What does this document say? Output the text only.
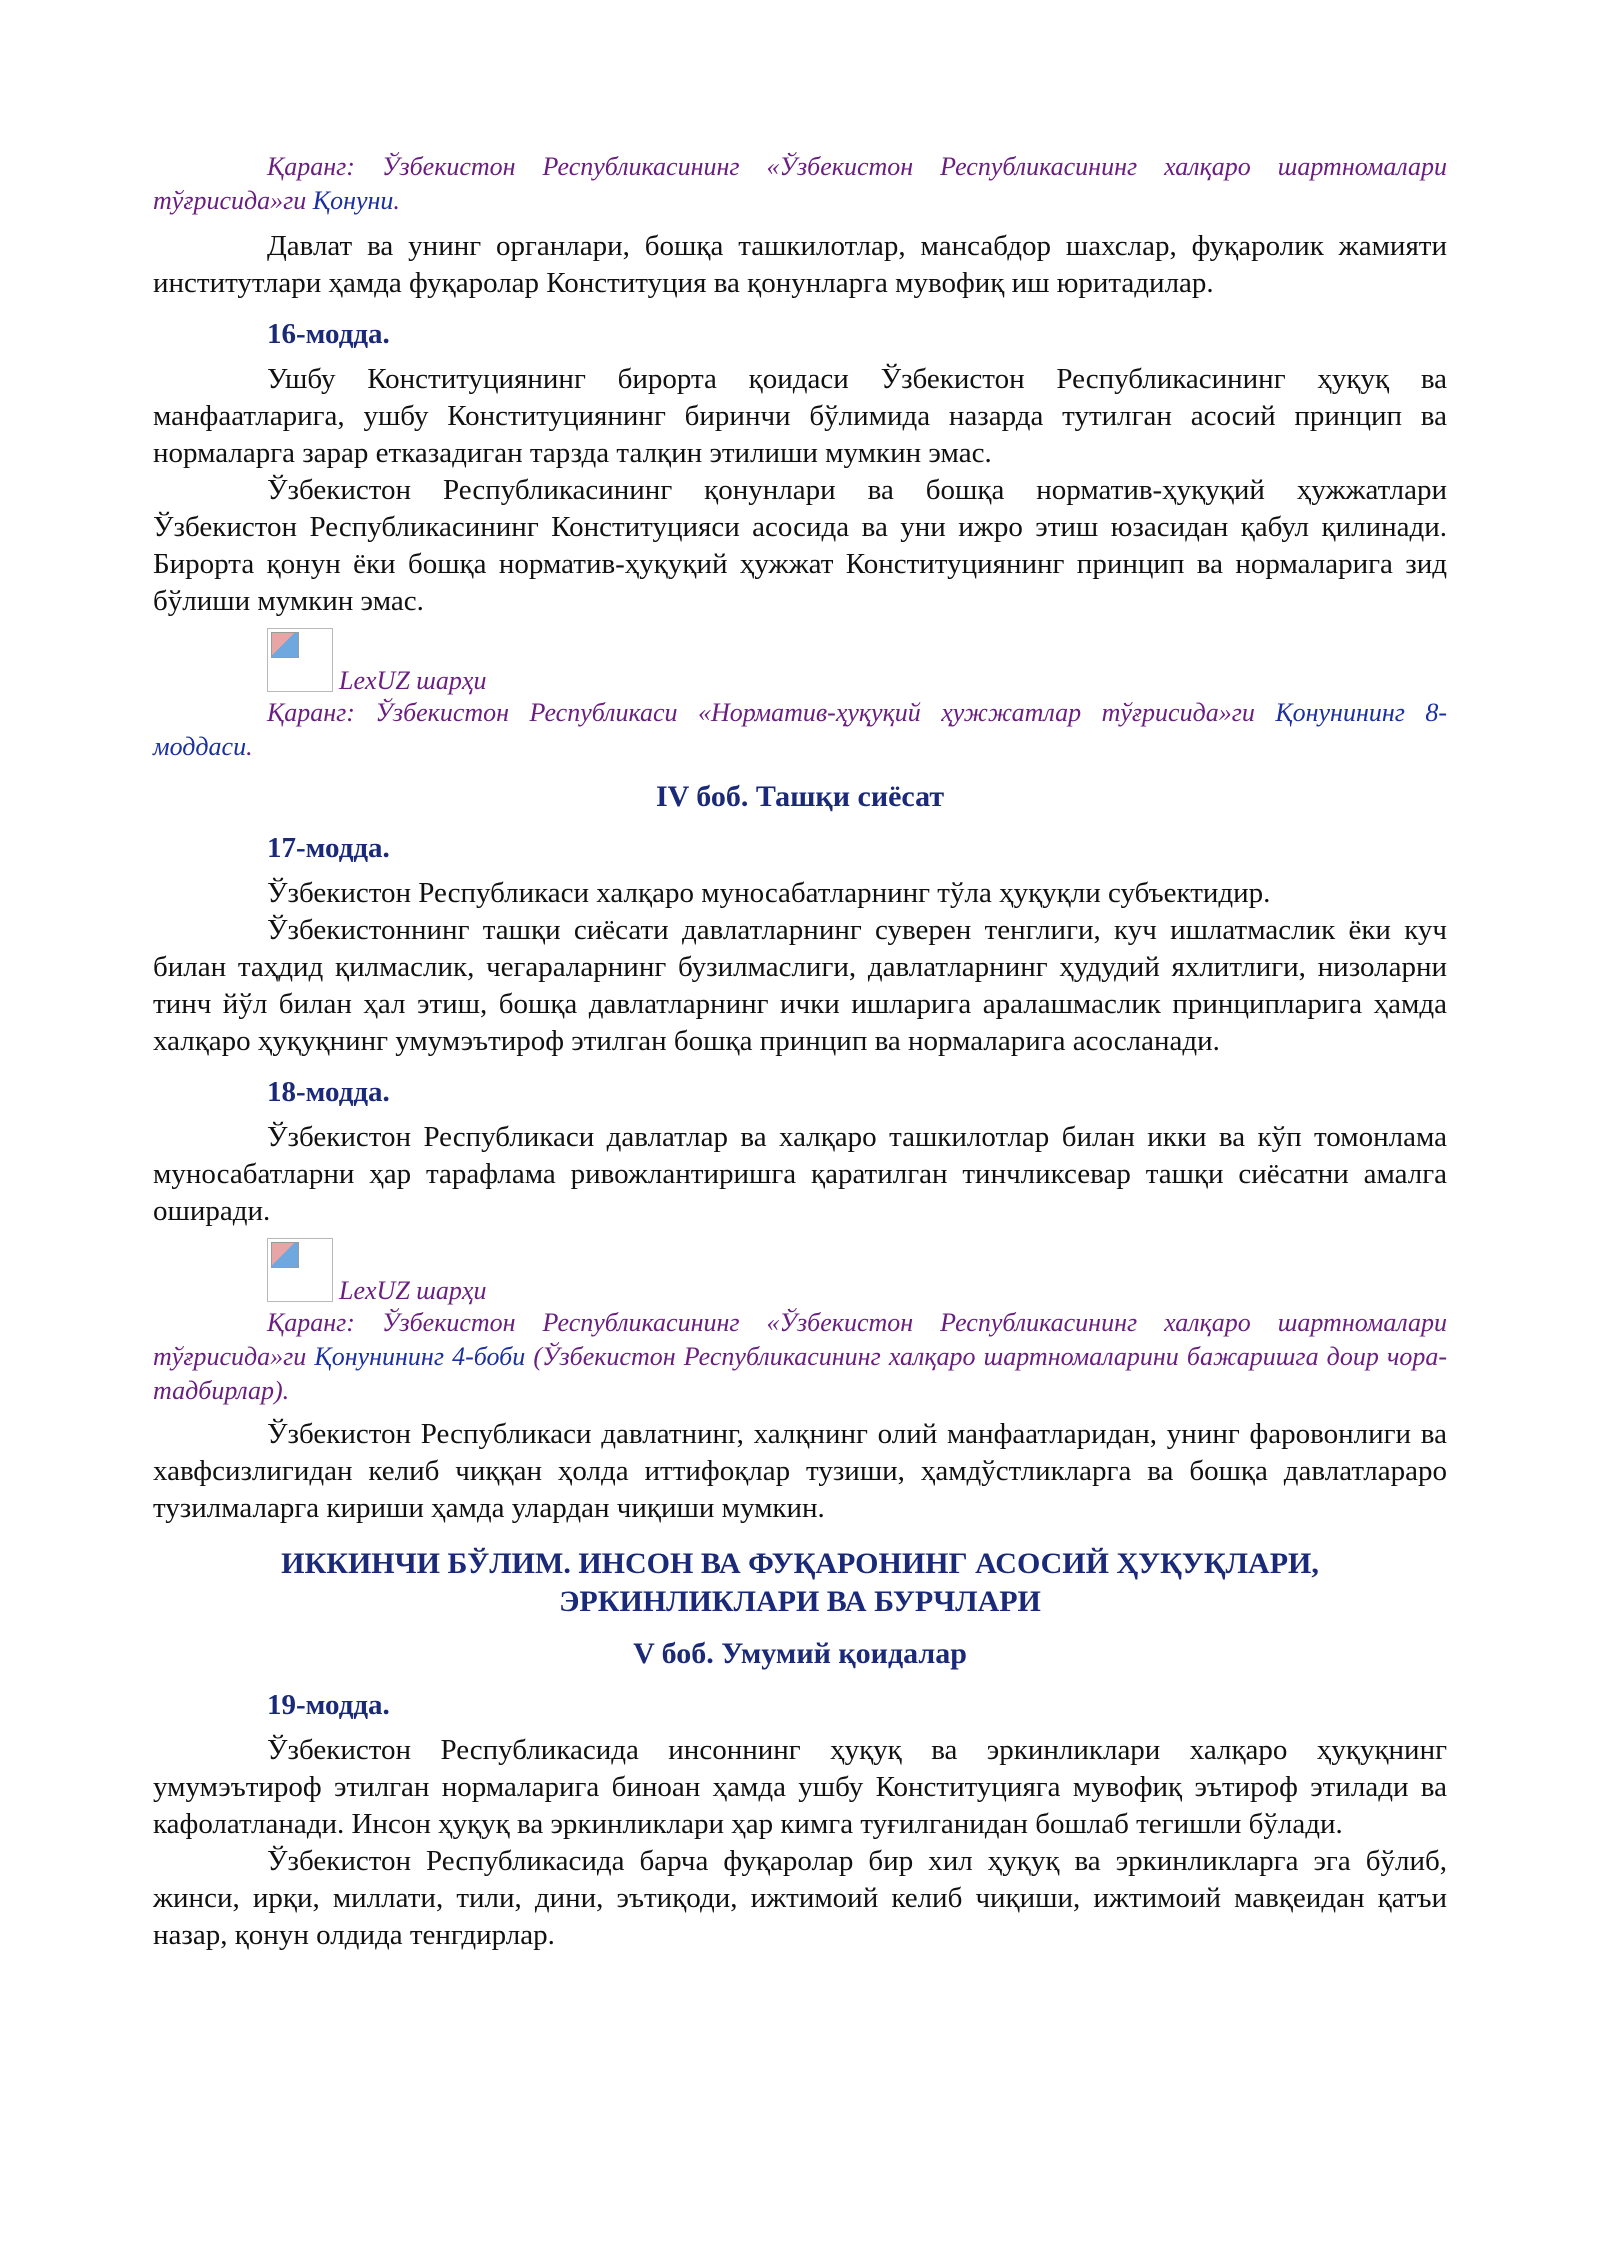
Қаранг: Ўзбекистон Республикасининг «Ўзбекистон Республикасининг халқаро шартномалари тўғрисида»ги Қонуни.

Давлат ва унинг органлари, бошқа ташкилотлар, мансабдор шахслар, фуқаролик жамияти институтлари ҳамда фуқаролар Конституция ва қонунларга мувофиқ иш юритадилар.

16-модда.

Ушбу Конституциянинг бирорта қоидаси Ўзбекистон Республикасининг ҳуқуқ ва манфаатларига, ушбу Конституциянинг биринчи бўлимида назарда тутилган асосий принцип ва нормаларга зарар етказадиган тарзда талқин этилиши мумкин эмас.

Ўзбекистон Республикасининг қонунлари ва бошқа норматив-ҳуқуқий ҳужжатлари Ўзбекистон Республикасининг Конституцияси асосида ва уни ижро этиш юзасидан қабул қилинади. Бирорта қонун ёки бошқа норматив-ҳуқуқий ҳужжат Конституциянинг принцип ва нормаларига зид бўлиши мумкин эмас.

LexUZ шарҳи

Қаранг: Ўзбекистон Республикаси «Норматив-ҳуқуқий ҳужжатлар тўғрисида»ги Қонунининг 8-моддаси.

IV боб. Ташқи сиёсат
17-модда.

Ўзбекистон Республикаси халқаро муносабатларнинг тўла ҳуқуқли субъектидир.

Ўзбекистоннинг ташқи сиёсати давлатларнинг суверен тенглиги, куч ишлатмаслик ёки куч билан таҳдид қилмаслик, чегараларнинг бузилмаслиги, давлатларнинг ҳудудий яхлитлиги, низоларни тинч йўл билан ҳал этиш, бошқа давлатларнинг ички ишларига аралашмаслик принципларига ҳамда халқаро ҳуқуқнинг умумэътироф этилган бошқа принцип ва нормаларига асосланади.

18-модда.

Ўзбекистон Республикаси давлатлар ва халқаро ташкилотлар билан икки ва кўп томонлама муносабатларни ҳар тарафлама ривожлантиришга қаратилган тинчликсевар ташқи сиёсатни амалга оширади.

LexUZ шарҳи

Қаранг: Ўзбекистон Республикасининг «Ўзбекистон Республикасининг халқаро шартномалари тўғрисида»ги Қонунининг 4-боби (Ўзбекистон Республикасининг халқаро шартномаларини бажаришга доир чора-тадбирлар).

Ўзбекистон Республикаси давлатнинг, халқнинг олий манфаатларидан, унинг фаровонлиги ва хавфсизлигидан келиб чиққан ҳолда иттифоқлар тузиши, ҳамдўстликларга ва бошқа давлатлараро тузилмаларга кириши ҳамда улардан чиқиши мумкин.

ИККИНЧИ БЎЛИМ. ИНСОН ВА ФУҚАРОНИНГ АСОСИЙ ҲУҚУҚЛАРИ,
ЭРКИНЛИКЛАРИ ВА БУРЧЛАРИ
V боб. Умумий қоидалар
19-модда.

Ўзбекистон Республикасида инсоннинг ҳуқуқ ва эркинликлари халқаро ҳуқуқнинг умумэътироф этилган нормаларига биноан ҳамда ушбу Конституцияга мувофиқ эътироф этилади ва кафолатланади. Инсон ҳуқуқ ва эркинликлари ҳар кимга туғилганидан бошлаб тегишли бўлади.

Ўзбекистон Республикасида барча фуқаролар бир хил ҳуқуқ ва эркинликларга эга бўлиб, жинси, ирқи, миллати, тили, дини, эътиқоди, ижтимоий келиб чиқиши, ижтимоий мавқеидан қатъи назар, қонун олдида тенгдирлар.
